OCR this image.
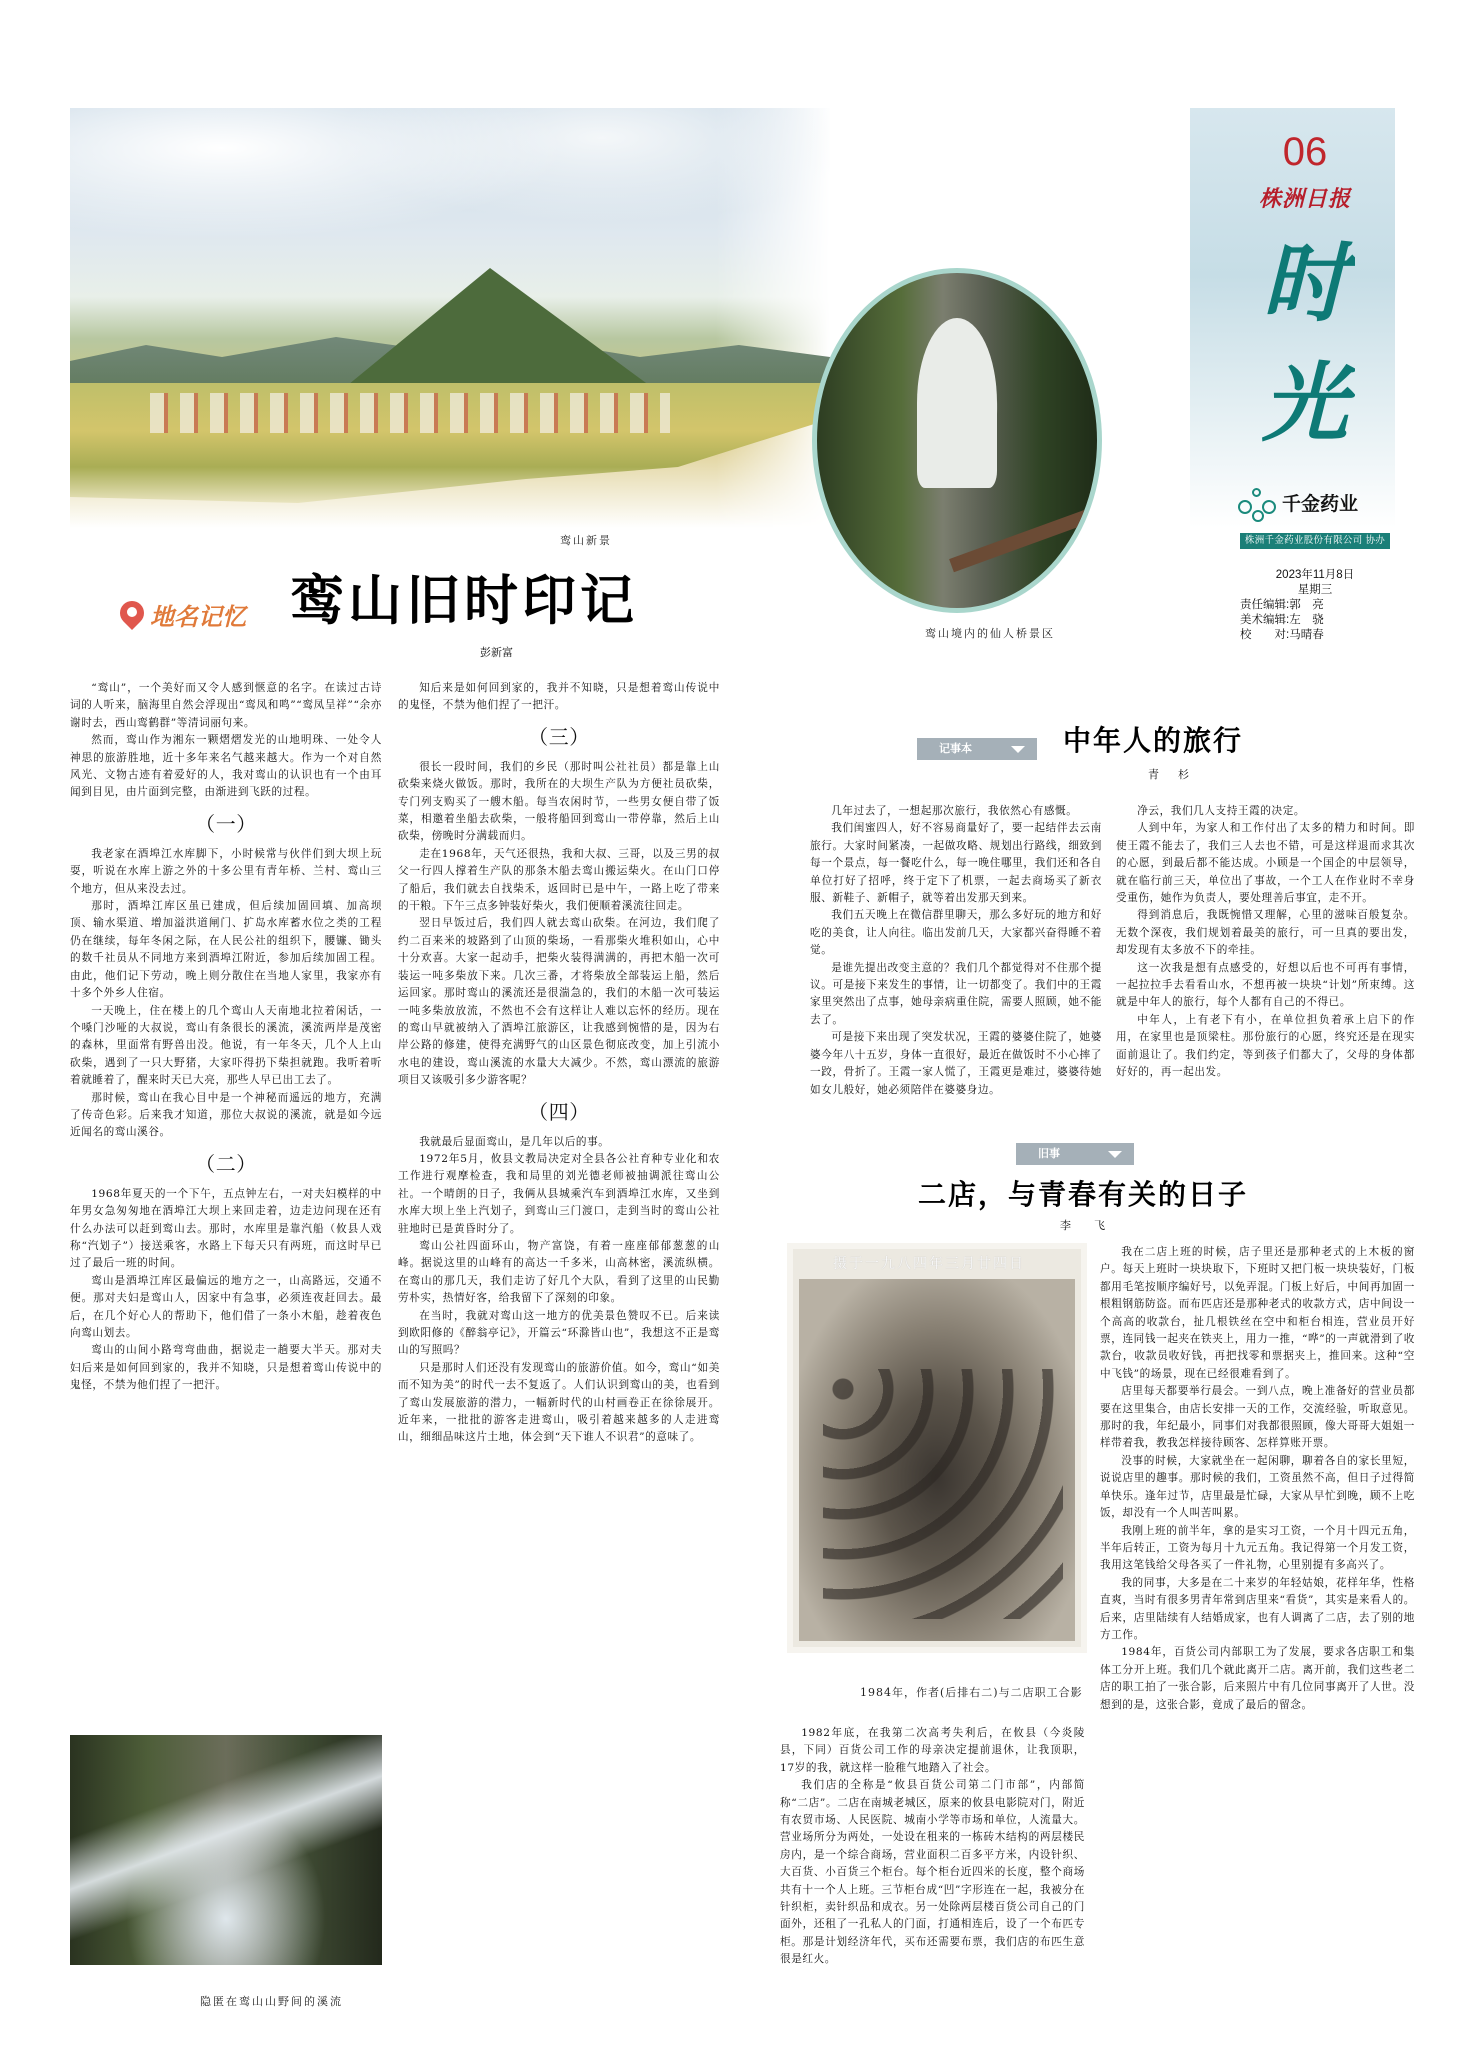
鸾山新景
06
株洲日报
时光
千金药业
株洲千金药业股份有限公司 协办
2023年11月8日
星期三
责任编辑:郭　亮
美术编辑:左　骁
校　　对:马晴春
鸾山境内的仙人桥景区
地名记忆 鸾山旧时印记
彭新富

“鸾山”，一个美好而又令人感到惬意的名字。在读过古诗词的人听来，脑海里自然会浮现出“鸾凤和鸣”“鸾凤呈祥”“余亦谢时去，西山鸾鹤群”等清词丽句来。

然而，鸾山作为湘东一颗熠熠发光的山地明珠、一处令人神思的旅游胜地，近十多年来名气越来越大。作为一个对自然风光、文物古迹有着爱好的人，我对鸾山的认识也有一个由耳闻到目见，由片面到完整，由渐进到飞跃的过程。

（一）

我老家在酒埠江水库脚下，小时候常与伙伴们到大坝上玩耍，听说在水库上游之外的十多公里有青年桥、兰村、鸾山三个地方，但从来没去过。

那时，酒埠江库区虽已建成，但后续加固回填、加高坝顶、输水渠道、增加溢洪道闸门、扩岛水库蓄水位之类的工程仍在继续，每年冬闲之际，在人民公社的组织下，腰镰、锄头的数千社员从不同地方来到酒埠江附近，参加后续加固工程。由此，他们记下劳动，晚上则分散住在当地人家里，我家亦有十多个外乡人住宿。

一天晚上，住在楼上的几个鸾山人天南地北拉着闲话，一个嗓门沙哑的大叔说，鸾山有条很长的溪流，溪流两岸是茂密的森林，里面常有野兽出没。他说，有一年冬天，几个人上山砍柴，遇到了一只大野猪，大家吓得扔下柴担就跑。我听着听着就睡着了，醒来时天已大亮，那些人早已出工去了。

那时候，鸾山在我心目中是一个神秘而遥远的地方，充满了传奇色彩。后来我才知道，那位大叔说的溪流，就是如今远近闻名的鸾山溪谷。

（二）

1968年夏天的一个下午，五点钟左右，一对夫妇模样的中年男女急匆匆地在酒埠江大坝上来回走着，边走边问现在还有什么办法可以赶到鸾山去。那时，水库里是靠汽船（攸县人戏称“汽划子”）接送乘客，水路上下每天只有两班，而这时早已过了最后一班的时间。

鸾山是酒埠江库区最偏远的地方之一，山高路远，交通不便。那对夫妇是鸾山人，因家中有急事，必须连夜赶回去。最后，在几个好心人的帮助下，他们借了一条小木船，趁着夜色向鸾山划去。

鸾山的山间小路弯弯曲曲，据说走一趟要大半天。那对夫妇后来是如何回到家的，我并不知晓，只是想着鸾山传说中的鬼怪，不禁为他们捏了一把汗。

知后来是如何回到家的，我并不知晓，只是想着鸾山传说中的鬼怪，不禁为他们捏了一把汗。

（三）

很长一段时间，我们的乡民（那时叫公社社员）都是靠上山砍柴来烧火做饭。那时，我所在的大坝生产队为方便社员砍柴，专门列支购买了一艘木船。每当农闲时节，一些男女便自带了饭菜，相邀着坐船去砍柴，一般将船回到鸾山一带停靠，然后上山砍柴，傍晚时分满载而归。

走在1968年，天气还很热，我和大叔、三哥，以及三男的叔父一行四人撑着生产队的那条木船去鸾山搬运柴火。在山门口停了船后，我们就去自找柴禾，返回时已是中午，一路上吃了带来的干粮。下午三点多钟装好柴火，我们便顺着溪流往回走。

翌日早饭过后，我们四人就去鸾山砍柴。在河边，我们爬了约二百来米的坡路到了山顶的柴场，一看那柴火堆积如山，心中十分欢喜。大家一起动手，把柴火装得满满的，再把木船一次可装运一吨多柴放下来。几次三番，才将柴放全部装运上船，然后运回家。那时鸾山的溪流还是很湍急的，我们的木船一次可装运一吨多柴放放流，不然也不会有这样让人难以忘怀的经历。现在的鸾山早就被纳入了酒埠江旅游区，让我感到惋惜的是，因为右岸公路的修建，使得充满野气的山区景色彻底改变，加上引流小水电的建设，鸾山溪流的水量大大减少。不然，鸾山漂流的旅游项目又该吸引多少游客呢？

（四）

我就最后显面鸾山，是几年以后的事。

1972年5月，攸县文教局决定对全县各公社育种专业化和农工作进行观摩检查，我和局里的刘光德老师被抽调派往鸾山公社。一个晴朗的日子，我俩从县城乘汽车到酒埠江水库，又坐到水库大坝上坐上汽划子，到鸾山三门渡口，走到当时的鸾山公社驻地时已是黄昏时分了。

鸾山公社四面环山，物产富饶，有着一座座郁郁葱葱的山峰。据说这里的山峰有的高达一千多米，山高林密，溪流纵横。在鸾山的那几天，我们走访了好几个大队，看到了这里的山民勤劳朴实，热情好客，给我留下了深刻的印象。

在当时，我就对鸾山这一地方的优美景色赞叹不已。后来读到欧阳修的《醉翁亭记》，开篇云“环滁皆山也”，我想这不正是鸾山的写照吗？

只是那时人们还没有发现鸾山的旅游价值。如今，鸾山“如美而不知为美”的时代一去不复返了。人们认识到鸾山的美，也看到了鸾山发展旅游的潜力，一幅新时代的山村画卷正在徐徐展开。近年来，一批批的游客走进鸾山，吸引着越来越多的人走进鸾山，细细品味这片土地，体会到“天下谁人不识君”的意味了。

隐匿在鸾山山野间的溪流
记事本	中年人的旅行
青　杉

几年过去了，一想起那次旅行，我依然心有感慨。

我们闺蜜四人，好不容易商量好了，要一起结伴去云南旅行。大家时间紧凑，一起做攻略、规划出行路线，细致到每一个景点，每一餐吃什么，每一晚住哪里，我们还和各自单位打好了招呼，终于定下了机票，一起去商场买了新衣服、新鞋子、新帽子，就等着出发那天到来。

我们五天晚上在微信群里聊天，那么多好玩的地方和好吃的美食，让人向往。临出发前几天，大家都兴奋得睡不着觉。

是谁先提出改变主意的？我们几个都觉得对不住那个提议。可是接下来发生的事情，让一切都变了。我们中的王霞家里突然出了点事，她母亲病重住院，需要人照顾，她不能去了。

可是接下来出现了突发状况，王霞的婆婆住院了，她婆婆今年八十五岁，身体一直很好，最近在做饭时不小心摔了一跤，骨折了。王霞一家人慌了，王霞更是难过，婆婆待她如女儿般好，她必须陪伴在婆婆身边。

净云，我们几人支持王霞的决定。

人到中年，为家人和工作付出了太多的精力和时间。即使王霞不能去了，我们三人去也不错，可是这样退而求其次的心愿，到最后都不能达成。小顾是一个国企的中层领导，就在临行前三天，单位出了事故，一个工人在作业时不幸身受重伤，她作为负责人，要处理善后事宜，走不开。

得到消息后，我既惋惜又理解，心里的滋味百般复杂。无数个深夜，我们规划着最美的旅行，可一旦真的要出发，却发现有太多放不下的牵挂。

这一次我是想有点感受的，好想以后也不可再有事情，一起拉拉手去看看山水，不想再被一块块“计划”所束缚。这就是中年人的旅行，每个人都有自己的不得已。

中年人，上有老下有小，在单位担负着承上启下的作用，在家里也是顶梁柱。那份旅行的心愿，终究还是在现实面前退让了。我们约定，等到孩子们都大了，父母的身体都好好的，再一起出发。

旧事
二店，与青春有关的日子
李　飞
摄于一九八四年三月廿四日
1984年，作者(后排右二)与二店职工合影

1982年底，在我第二次高考失利后，在攸县（今炎陵县，下同）百货公司工作的母亲决定提前退休，让我顶职，17岁的我，就这样一脸稚气地踏入了社会。

我们店的全称是“攸县百货公司第二门市部”，内部简称“二店”。二店在南城老城区，原来的攸县电影院对门，附近有农贸市场、人民医院、城南小学等市场和单位，人流量大。营业场所分为两处，一处设在租来的一栋砖木结构的两层楼民房内，是一个综合商场，营业面积二百多平方米，内设针织、大百货、小百货三个柜台。每个柜台近四米的长度，整个商场共有十一个人上班。三节柜台成“凹”字形连在一起，我被分在针织柜，卖针织品和成衣。另一处除两层楼百货公司自己的门面外，还租了一孔私人的门面，打通相连后，设了一个布匹专柜。那是计划经济年代，买布还需要布票，我们店的布匹生意很是红火。

我在二店上班的时候，店子里还是那种老式的上木板的窗户。每天上班时一块块取下，下班时又把门板一块块装好，门板都用毛笔按顺序编好号，以免弄混。门板上好后，中间再加固一根粗钢筋防盗。而布匹店还是那种老式的收款方式，店中间设一个高高的收款台，扯几根铁丝在空中和柜台相连，营业员开好票，连同钱一起夹在铁夹上，用力一推，“哗”的一声就滑到了收款台，收款员收好钱，再把找零和票据夹上，推回来。这种“空中飞钱”的场景，现在已经很难看到了。

店里每天都要举行晨会。一到八点，晚上准备好的营业员都要在这里集合，由店长安排一天的工作，交流经验，听取意见。那时的我，年纪最小，同事们对我都很照顾，像大哥哥大姐姐一样带着我，教我怎样接待顾客、怎样算账开票。

没事的时候，大家就坐在一起闲聊，聊着各自的家长里短，说说店里的趣事。那时候的我们，工资虽然不高，但日子过得简单快乐。逢年过节，店里最是忙碌，大家从早忙到晚，顾不上吃饭，却没有一个人叫苦叫累。

我刚上班的前半年，拿的是实习工资，一个月十四元五角，半年后转正，工资为每月十九元五角。我记得第一个月发工资，我用这笔钱给父母各买了一件礼物，心里别提有多高兴了。

我的同事，大多是在二十来岁的年轻姑娘，花样年华，性格直爽，当时有很多男青年常到店里来“看货”，其实是来看人的。后来，店里陆续有人结婚成家，也有人调离了二店，去了别的地方工作。

1984年，百货公司内部职工为了发展，要求各店职工和集体工分开上班。我们几个就此离开二店。离开前，我们这些老二店的职工拍了一张合影，后来照片中有几位同事离开了人世。没想到的是，这张合影，竟成了最后的留念。
